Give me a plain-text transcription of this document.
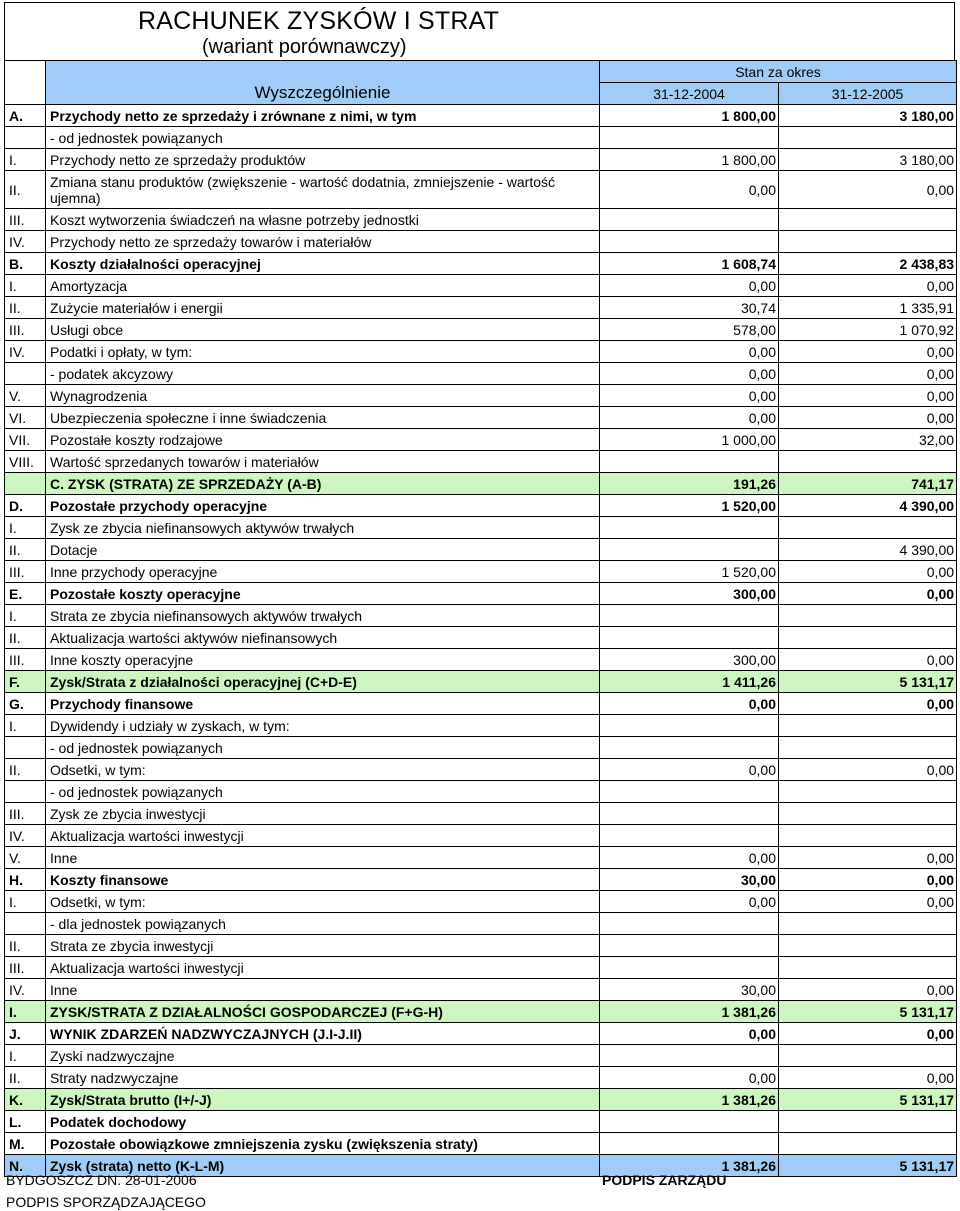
RACHUNEK ZYSKÓW I STRAT
(wariant porównawczy)
	Wyszczególnienie	Stan za okres	
		31-12-2004	31-12-2005
A.	Przychody netto ze sprzedaży i zrównane z nimi, w tym	1 800,00	3 180,00
	- od jednostek powiązanych		
I.	Przychody netto ze sprzedaży produktów	1 800,00	3 180,00
II.	Zmiana stanu produktów (zwiększenie - wartość dodatnia, zmniejszenie - wartość ujemna)	0,00	0,00
III.	Koszt wytworzenia świadczeń na własne potrzeby jednostki		
IV.	Przychody netto ze sprzedaży towarów i materiałów		
B.	Koszty działalności operacyjnej	1 608,74	2 438,83
I.	Amortyzacja	0,00	0,00
II.	Zużycie materiałów i energii	30,74	1 335,91
III.	Usługi obce	578,00	1 070,92
IV.	Podatki i opłaty, w tym:	0,00	0,00
	- podatek akcyzowy	0,00	0,00
V.	Wynagrodzenia	0,00	0,00
VI.	Ubezpieczenia społeczne i inne świadczenia	0,00	0,00
VII.	Pozostałe koszty rodzajowe	1 000,00	32,00
VIII.	Wartość sprzedanych towarów i materiałów		
	C. ZYSK (STRATA) ZE SPRZEDAŻY (A-B)	191,26	741,17
D.	Pozostałe przychody operacyjne	1 520,00	4 390,00
I.	Zysk ze zbycia niefinansowych aktywów trwałych		
II.	Dotacje		4 390,00
III.	Inne przychody operacyjne	1 520,00	0,00
E.	Pozostałe koszty operacyjne	300,00	0,00
I.	Strata ze zbycia niefinansowych aktywów trwałych		
II.	Aktualizacja wartości aktywów niefinansowych		
III.	Inne koszty operacyjne	300,00	0,00
F.	Zysk/Strata z działalności operacyjnej (C+D-E)	1 411,26	5 131,17
G.	Przychody finansowe	0,00	0,00
I.	Dywidendy i udziały w zyskach, w tym:		
	- od jednostek powiązanych		
II.	Odsetki, w tym:	0,00	0,00
	- od jednostek powiązanych		
III.	Zysk ze zbycia inwestycji		
IV.	Aktualizacja wartości inwestycji		
V.	Inne	0,00	0,00
H.	Koszty finansowe	30,00	0,00
I.	Odsetki, w tym:	0,00	0,00
	- dla jednostek powiązanych		
II.	Strata ze zbycia inwestycji		
III.	Aktualizacja wartości inwestycji		
IV.	Inne	30,00	0,00
I.	ZYSK/STRATA Z DZIAŁALNOŚCI GOSPODARCZEJ (F+G-H)	1 381,26	5 131,17
J.	WYNIK ZDARZEŃ NADZWYCZAJNYCH (J.I-J.II)	0,00	0,00
I.	Zyski nadzwyczajne		
II.	Straty nadzwyczajne	0,00	0,00
K.	Zysk/Strata brutto (I+/-J)	1 381,26	5 131,17
L.	Podatek dochodowy		
M.	Pozostałe obowiązkowe zmniejszenia zysku (zwiększenia straty)		
N.	Zysk (strata) netto (K-L-M)	1 381,26	5 131,17
BYDGOSZCZ DN. 28-01-2006	PODPIS ZARZĄDU
PODPIS SPORZĄDZAJĄCEGO
